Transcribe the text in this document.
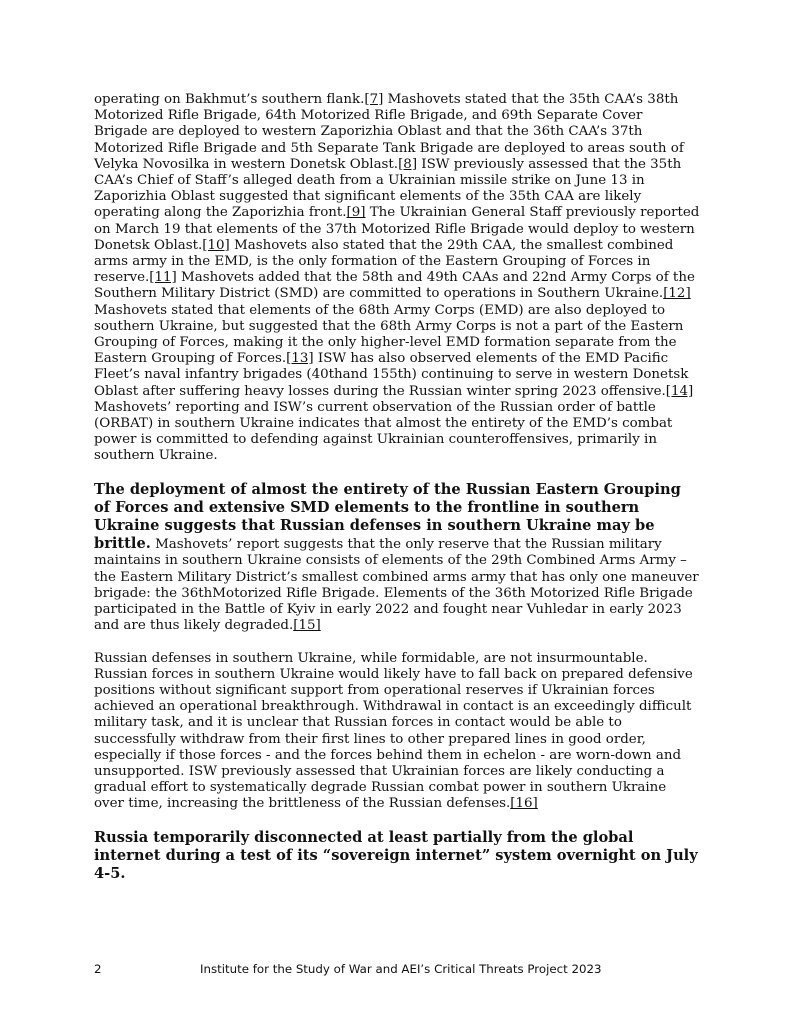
operating on Bakhmut’s southern flank.[7] Mashovets stated that the 35th CAA’s 38th Motorized Rifle Brigade, 64th Motorized Rifle Brigade, and 69th Separate Cover Brigade are deployed to western Zaporizhia Oblast and that the 36th CAA’s 37th Motorized Rifle Brigade and 5th Separate Tank Brigade are deployed to areas south of Velyka Novosilka in western Donetsk Oblast.[8] ISW previously assessed that the 35th CAA’s Chief of Staff’s alleged death from a Ukrainian missile strike on June 13 in Zaporizhia Oblast suggested that significant elements of the 35th CAA are likely operating along the Zaporizhia front.[9] The Ukrainian General Staff previously reported on March 19 that elements of the 37th Motorized Rifle Brigade would deploy to western Donetsk Oblast.[10] Mashovets also stated that the 29th CAA, the smallest combined arms army in the EMD, is the only formation of the Eastern Grouping of Forces in reserve.[11] Mashovets added that the 58th and 49th CAAs and 22nd Army Corps of the Southern Military District (SMD) are committed to operations in Southern Ukraine.[12] Mashovets stated that elements of the 68th Army Corps (EMD) are also deployed to southern Ukraine, but suggested that the 68th Army Corps is not a part of the Eastern Grouping of Forces, making it the only higher-level EMD formation separate from the Eastern Grouping of Forces.[13] ISW has also observed elements of the EMD Pacific Fleet’s naval infantry brigades (40thand 155th) continuing to serve in western Donetsk Oblast after suffering heavy losses during the Russian winter spring 2023 offensive.[14] Mashovets’ reporting and ISW’s current observation of the Russian order of battle (ORBAT) in southern Ukraine indicates that almost the entirety of the EMD’s combat power is committed to defending against Ukrainian counteroffensives, primarily in southern Ukraine.

The deployment of almost the entirety of the Russian Eastern Grouping of Forces and extensive SMD elements to the frontline in southern Ukraine suggests that Russian defenses in southern Ukraine may be brittle. Mashovets’ report suggests that the only reserve that the Russian military maintains in southern Ukraine consists of elements of the 29th Combined Arms Army – the Eastern Military District’s smallest combined arms army that has only one maneuver brigade: the 36thMotorized Rifle Brigade. Elements of the 36th Motorized Rifle Brigade participated in the Battle of Kyiv in early 2022 and fought near Vuhledar in early 2023 and are thus likely degraded.[15]

Russian defenses in southern Ukraine, while formidable, are not insurmountable. Russian forces in southern Ukraine would likely have to fall back on prepared defensive positions without significant support from operational reserves if Ukrainian forces achieved an operational breakthrough. Withdrawal in contact is an exceedingly difficult military task, and it is unclear that Russian forces in contact would be able to successfully withdraw from their first lines to other prepared lines in good order, especially if those forces - and the forces behind them in echelon - are worn-down and unsupported. ISW previously assessed that Ukrainian forces are likely conducting a gradual effort to systematically degrade Russian combat power in southern Ukraine over time, increasing the brittleness of the Russian defenses.[16]

Russia temporarily disconnected at least partially from the global internet during a test of its “sovereign internet” system overnight on July 4-5.

2	Institute for the Study of War and AEI’s Critical Threats Project 2023
